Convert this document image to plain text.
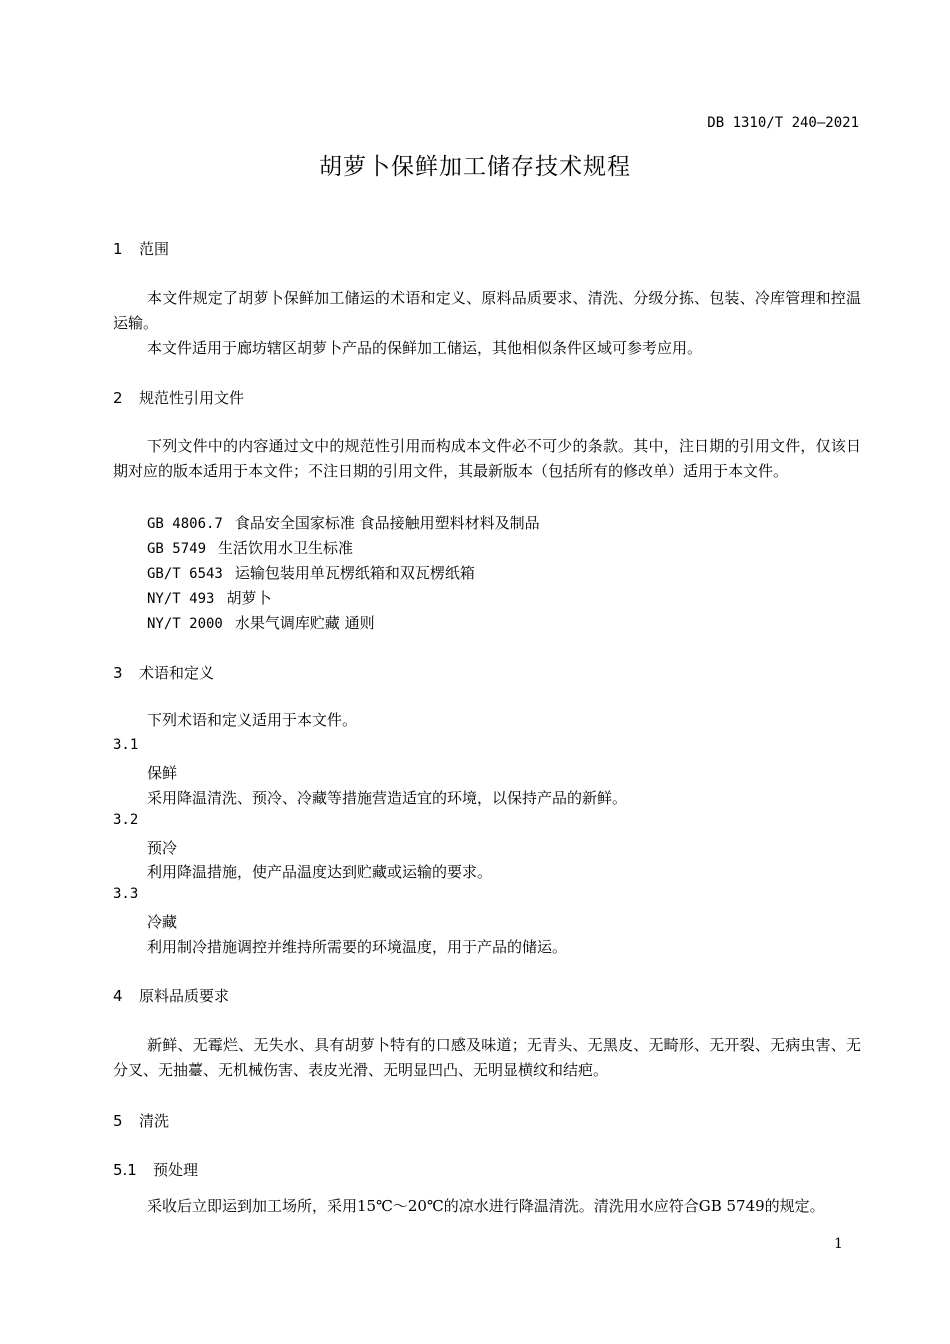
DB 1310/T 240—2021
胡萝卜保鲜加工储存技术规程
1 范围
本文件规定了胡萝卜保鲜加工储运的术语和定义、原料品质要求、清洗、分级分拣、包装、冷库管理和控温运输。
本文件适用于廊坊辖区胡萝卜产品的保鲜加工储运，其他相似条件区域可参考应用。
2 规范性引用文件
下列文件中的内容通过文中的规范性引用而构成本文件必不可少的条款。其中，注日期的引用文件，仅该日期对应的版本适用于本文件；不注日期的引用文件，其最新版本（包括所有的修改单）适用于本文件。
GB 4806.7 食品安全国家标准 食品接触用塑料材料及制品
GB 5749 生活饮用水卫生标准
GB/T 6543 运输包装用单瓦楞纸箱和双瓦楞纸箱
NY/T 493 胡萝卜
NY/T 2000 水果气调库贮藏 通则
3 术语和定义
下列术语和定义适用于本文件。
3.1
保鲜
采用降温清洗、预冷、冷藏等措施营造适宜的环境，以保持产品的新鲜。
3.2
预冷
利用降温措施，使产品温度达到贮藏或运输的要求。
3.3
冷藏
利用制冷措施调控并维持所需要的环境温度，用于产品的储运。
4 原料品质要求
新鲜、无霉烂、无失水、具有胡萝卜特有的口感及味道；无青头、无黑皮、无畸形、无开裂、无病虫害、无分叉、无抽薹、无机械伤害、表皮光滑、无明显凹凸、无明显横纹和结疤。
5 清洗
5.1 预处理
采收后立即运到加工场所，采用15℃～20℃的凉水进行降温清洗。清洗用水应符合GB 5749的规定。
1
